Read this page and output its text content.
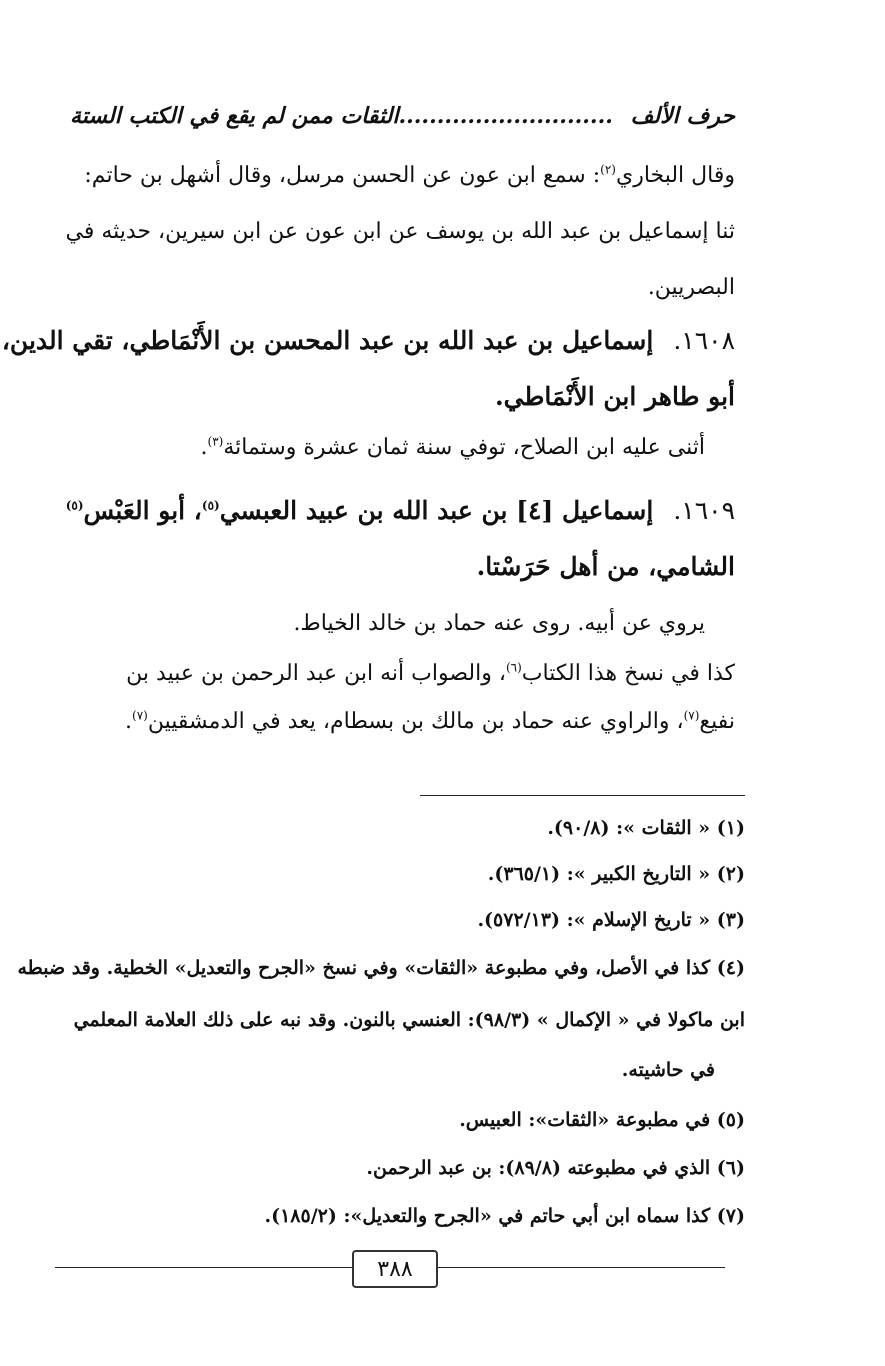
حرف الألف
............................الثقات ممن لم يقع في الكتب الستة
وقال البخاري$^{(٢)}$: سمع ابن عون عن الحسن مرسل، وقال أشهل بن حاتم:
ثنا إسماعيل بن عبد الله بن يوسف عن ابن عون عن ابن سيرين، حديثه في
البصريين.
١٦٠٨.إسماعيل بن عبد الله بن عبد المحسن بن الأَنْمَاطي، تقي الدين،
أبو طاهر ابن الأَنْمَاطي.
أثنى عليه ابن الصلاح، توفي سنة ثمان عشرة وستمائة$^{(٣)}$.
١٦٠٩.إسماعيل [٤] بن عبد الله بن عبيد العبسي$^{(٥)}$، أبو العَبْس$^{(٥)}$
الشامي، من أهل حَرَسْتا.
يروي عن أبيه. روى عنه حماد بن خالد الخياط.
كذا في نسخ هذا الكتاب$^{(٦)}$، والصواب أنه ابن عبد الرحمن بن عبيد بن
نفيع$^{(٧)}$، والراوي عنه حماد بن مالك بن بسطام، يعد في الدمشقيين$^{(٧)}$.
(١) « الثقات »: (٩٠/٨).
(٢) « التاريخ الكبير »: (٣٦٥/١).
(٣) « تاريخ الإسلام »: (٥٧٢/١٣).
(٤) كذا في الأصل، وفي مطبوعة «الثقات» وفي نسخ «الجرح والتعديل» الخطية. وقد ضبطه
ابن ماكولا في « الإكمال » (٩٨/٣): العنسي بالنون. وقد نبه على ذلك العلامة المعلمي
في حاشيته.
(٥) في مطبوعة «الثقات»: العبيس.
(٦) الذي في مطبوعته (٨٩/٨): بن عبد الرحمن.
(٧) كذا سماه ابن أبي حاتم في «الجرح والتعديل»: (١٨٥/٢).
٣٨٨
